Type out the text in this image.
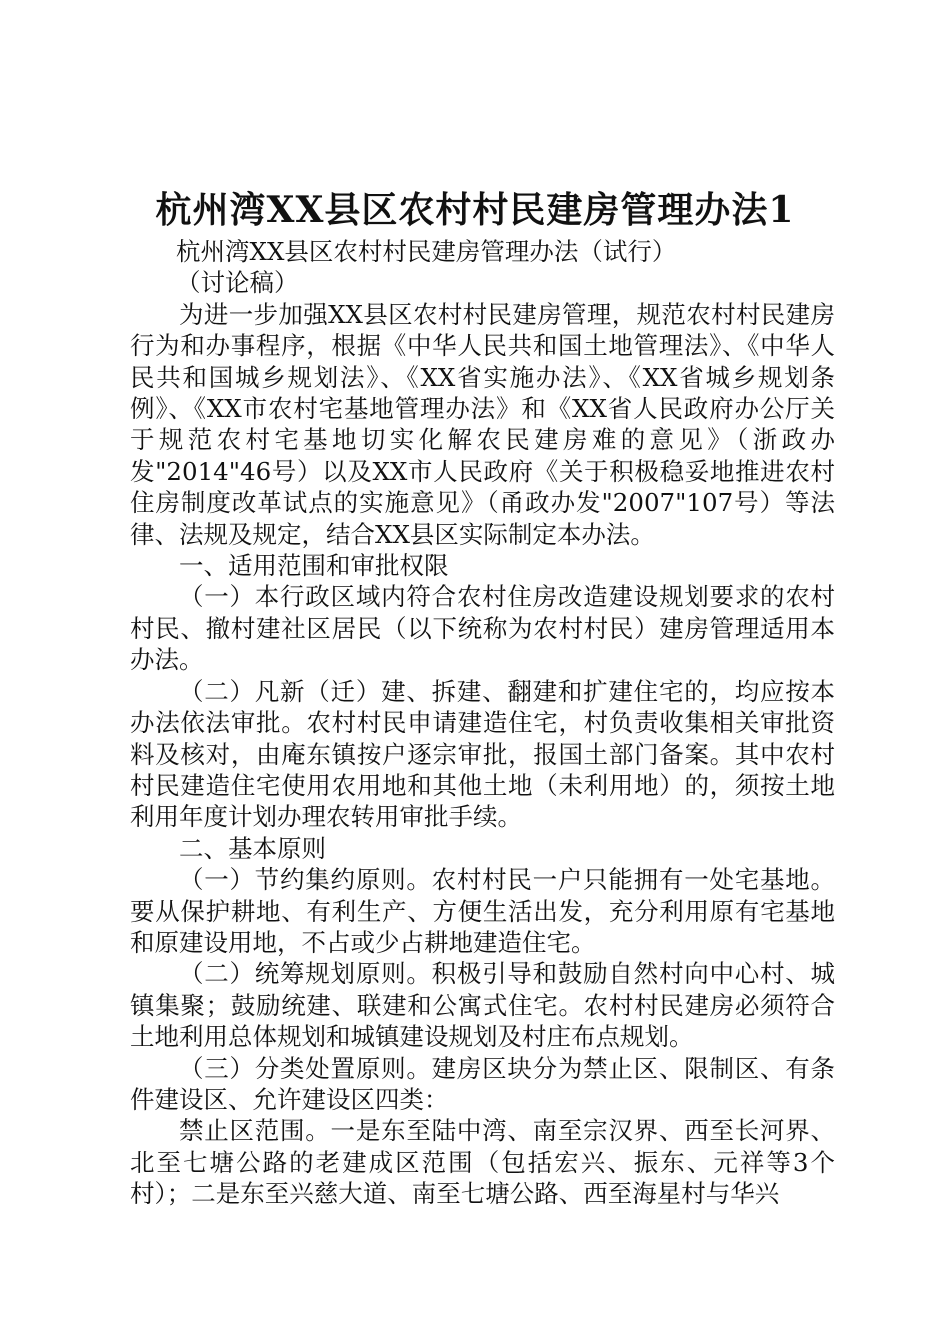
杭州湾XX县区农村村民建房管理办法1

杭州湾XX县区农村村民建房管理办法（试行）

（讨论稿）

为进一步加强XX县区农村村民建房管理，规范农村村民建房行为和办事程序，根据《中华人民共和国土地管理法》、《中华人民共和国城乡规划法》、《XX省实施办法》、《XX省城乡规划条例》、《XX市农村宅基地管理办法》和《XX省人民政府办公厅关于规范农村宅基地切实化解农民建房难的意见》（浙政办发"2014"46号）以及XX市人民政府《关于积极稳妥地推进农村住房制度改革试点的实施意见》（甬政办发"2007"107号）等法律、法规及规定，结合XX县区实际制定本办法。

一、适用范围和审批权限

（一）本行政区域内符合农村住房改造建设规划要求的农村村民、撤村建社区居民（以下统称为农村村民）建房管理适用本办法。

（二）凡新（迁）建、拆建、翻建和扩建住宅的，均应按本办法依法审批。农村村民申请建造住宅，村负责收集相关审批资料及核对，由庵东镇按户逐宗审批，报国土部门备案。其中农村村民建造住宅使用农用地和其他土地（未利用地）的，须按土地利用年度计划办理农转用审批手续。

二、基本原则

（一）节约集约原则。农村村民一户只能拥有一处宅基地。要从保护耕地、有利生产、方便生活出发，充分利用原有宅基地和原建设用地，不占或少占耕地建造住宅。

（二）统筹规划原则。积极引导和鼓励自然村向中心村、城镇集聚；鼓励统建、联建和公寓式住宅。农村村民建房必须符合土地利用总体规划和城镇建设规划及村庄布点规划。

（三）分类处置原则。建房区块分为禁止区、限制区、有条件建设区、允许建设区四类：

禁止区范围。一是东至陆中湾、南至宗汉界、西至长河界、北至七塘公路的老建成区范围（包括宏兴、振东、元祥等3个村）；二是东至兴慈大道、南至七塘公路、西至海星村与华兴
